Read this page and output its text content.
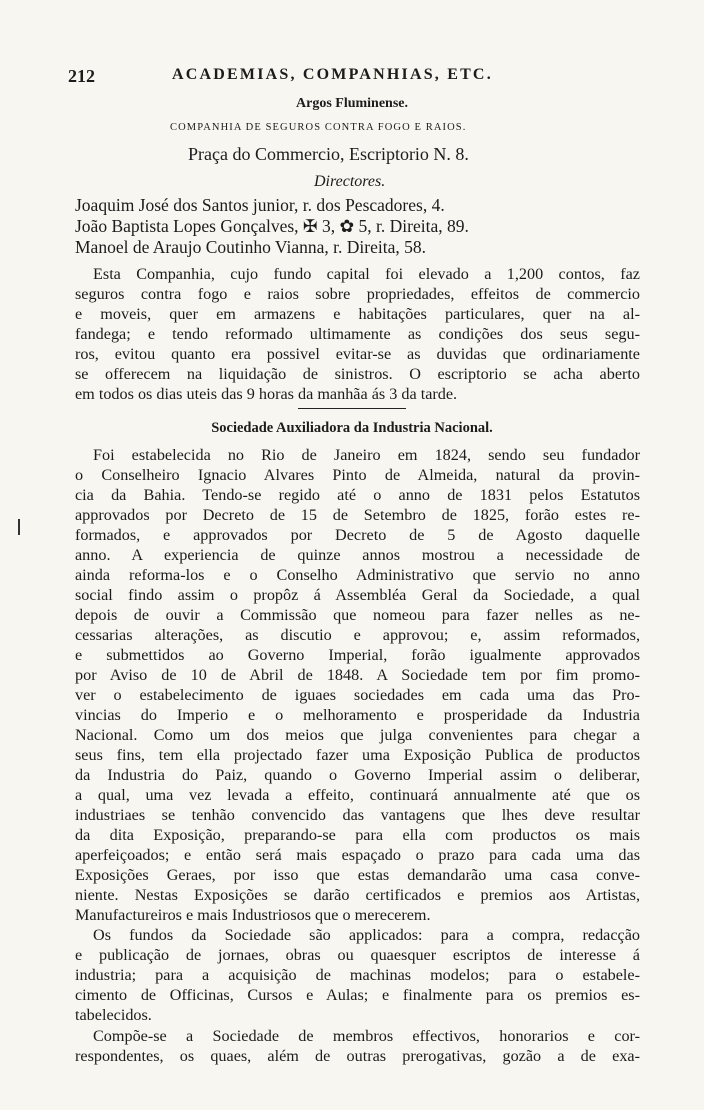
212	ACADEMIAS, COMPANHIAS, ETC.
Argos Fluminense.
COMPANHIA DE SEGUROS CONTRA FOGO E RAIOS.
Praça do Commercio, Escriptorio N. 8.
Directores.
Joaquim José dos Santos junior, r. dos Pescadores, 4.
João Baptista Lopes Gonçalves, ✠ 3, ✿ 5, r. Direita, 89.
Manoel de Araujo Coutinho Vianna, r. Direita, 58.
Esta Companhia, cujo fundo capital foi elevado a 1,200 contos, faz
seguros contra fogo e raios sobre propriedades, effeitos de commercio
e moveis, quer em armazens e habitações particulares, quer na al-
fandega; e tendo reformado ultimamente as condições dos seus segu-
ros, evitou quanto era possivel evitar-se as duvidas que ordinariamente
se offerecem na liquidação de sinistros. O escriptorio se acha aberto
em todos os dias uteis das 9 horas da manhãa ás 3 da tarde.
Sociedade Auxiliadora da Industria Nacional.
Foi estabelecida no Rio de Janeiro em 1824, sendo seu fundador
o Conselheiro Ignacio Alvares Pinto de Almeida, natural da provin-
cia da Bahia. Tendo-se regido até o anno de 1831 pelos Estatutos
approvados por Decreto de 15 de Setembro de 1825, forão estes re-
formados, e approvados por Decreto de 5 de Agosto daquelle
anno. A experiencia de quinze annos mostrou a necessidade de
ainda reforma-los e o Conselho Administrativo que servio no anno
social findo assim o propôz á Assembléa Geral da Sociedade, a qual
depois de ouvir a Commissão que nomeou para fazer nelles as ne-
cessarias alterações, as discutio e approvou; e, assim reformados,
e submettidos ao Governo Imperial, forão igualmente approvados
por Aviso de 10 de Abril de 1848. A Sociedade tem por fim promo-
ver o estabelecimento de iguaes sociedades em cada uma das Pro-
vincias do Imperio e o melhoramento e prosperidade da Industria
Nacional. Como um dos meios que julga convenientes para chegar a
seus fins, tem ella projectado fazer uma Exposição Publica de productos
da Industria do Paiz, quando o Governo Imperial assim o deliberar,
a qual, uma vez levada a effeito, continuará annualmente até que os
industriaes se tenhão convencido das vantagens que lhes deve resultar
da dita Exposição, preparando-se para ella com productos os mais
aperfeiçoados; e então será mais espaçado o prazo para cada uma das
Exposições Geraes, por isso que estas demandarão uma casa conve-
niente. Nestas Exposições se darão certificados e premios aos Artistas,
Manufactureiros e mais Industriosos que o merecerem.
Os fundos da Sociedade são applicados: para a compra, redacção
e publicação de jornaes, obras ou quaesquer escriptos de interesse á
industria; para a acquisição de machinas modelos; para o estabele-
cimento de Officinas, Cursos e Aulas; e finalmente para os premios es-
tabelecidos.
Compõe-se a Sociedade de membros effectivos, honorarios e cor-
respondentes, os quaes, além de outras prerogativas, gozão a de exa-
